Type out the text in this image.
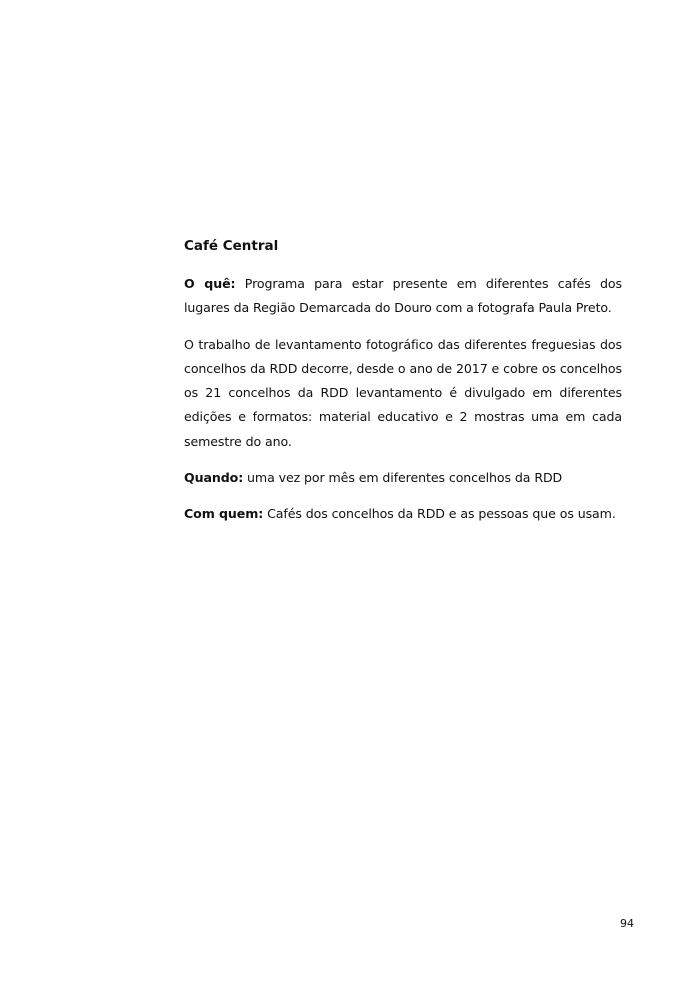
Café Central

O quê: Programa para estar presente em diferentes cafés dos lugares da Região Demarcada do Douro com a fotografa Paula Preto.

O trabalho de levantamento fotográfico das diferentes freguesias dos concelhos da RDD decorre, desde o ano de 2017 e cobre os concelhos os 21 concelhos da RDD levantamento é divulgado em diferentes edições e formatos: material educativo e 2 mostras uma em cada semestre do ano.

Quando: uma vez por mês em diferentes concelhos da RDD

Com quem: Cafés dos concelhos da RDD e as pessoas que os usam.

94
